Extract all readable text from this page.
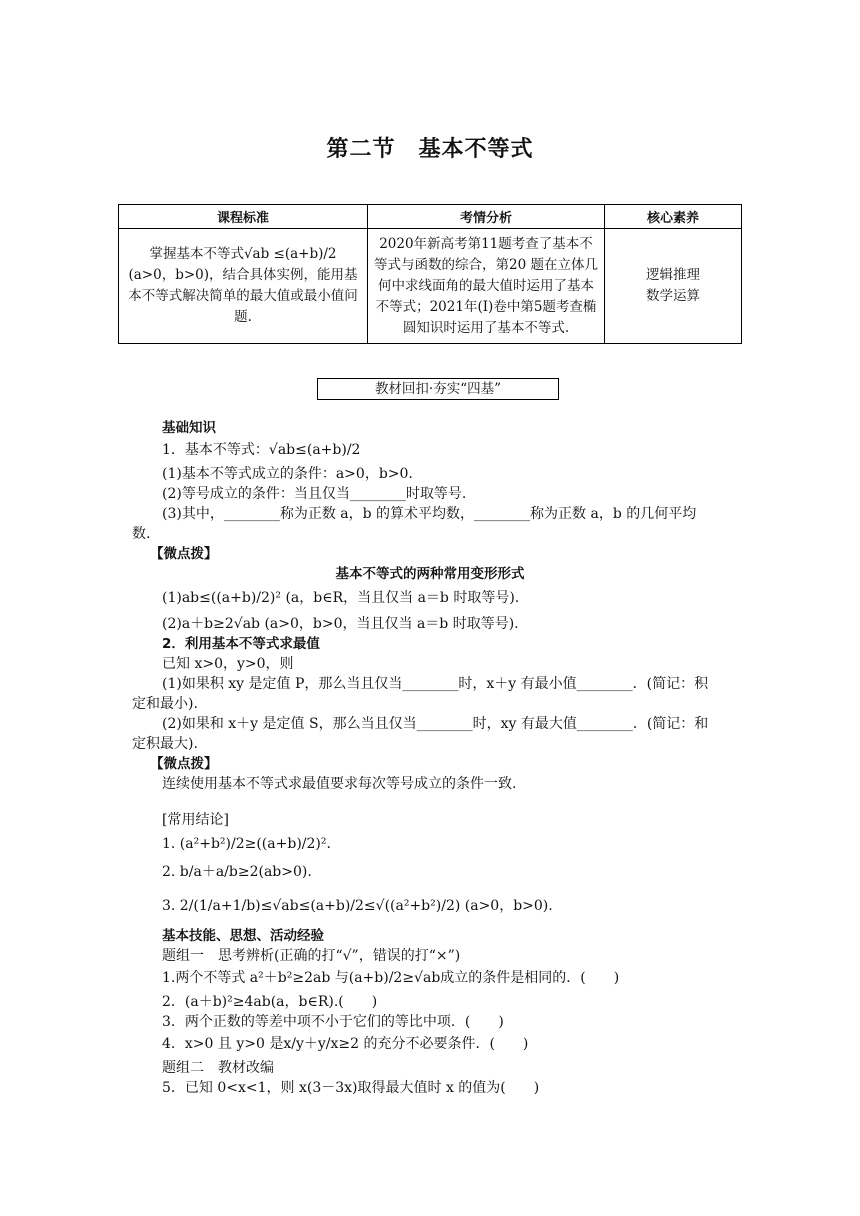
第二节　基本不等式
课程标准	考情分析	核心素养
掌握基本不等式√ab ≤(a+b)/2 (a>0，b>0)，结合具体实例，能用基本不等式解决简单的最大值或最小值问题.	2020年新高考第11题考查了基本不等式与函数的综合，第20 题在立体几何中求线面角的最大值时运用了基本不等式；2021年(Ⅰ)卷中第5题考查椭圆知识时运用了基本不等式.	逻辑推理
数学运算
教材回扣·夯实“四基”
基础知识
1．基本不等式：√ab≤(a+b)/2
(1)基本不等式成立的条件：a>0，b>0.
(2)等号成立的条件：当且仅当________时取等号.
(3)其中，________称为正数 a，b 的算术平均数，________称为正数 a，b 的几何平均
数.
【微点拨】
基本不等式的两种常用变形形式
(1)ab≤((a+b)/2)² (a，b∈R，当且仅当 a＝b 时取等号).
(2)a＋b≥2√ab (a>0，b>0，当且仅当 a＝b 时取等号).
2．利用基本不等式求最值
已知 x>0，y>0，则
(1)如果积 xy 是定值 P，那么当且仅当________时，x＋y 有最小值________．(简记：积
定和最小).
(2)如果和 x＋y 是定值 S，那么当且仅当________时，xy 有最大值________．(简记：和
定积最大).
【微点拨】
连续使用基本不等式求最值要求每次等号成立的条件一致.
[常用结论]
1. (a²+b²)/2≥((a+b)/2)².
2. b/a＋a/b≥2(ab>0).
3. 2/(1/a+1/b)≤√ab≤(a+b)/2≤√((a²+b²)/2) (a>0，b>0).
基本技能、思想、活动经验
题组一　思考辨析(正确的打“√”，错误的打“×”)
1.两个不等式 a²＋b²≥2ab 与(a+b)/2≥√ab成立的条件是相同的．(　　)
2．(a＋b)²≥4ab(a，b∈R).(　　)
3．两个正数的等差中项不小于它们的等比中项．(　　)
4．x>0 且 y>0 是x/y＋y/x≥2 的充分不必要条件．(　　)
题组二　教材改编
5．已知 0<x<1，则 x(3－3x)取得最大值时 x 的值为(　　)
